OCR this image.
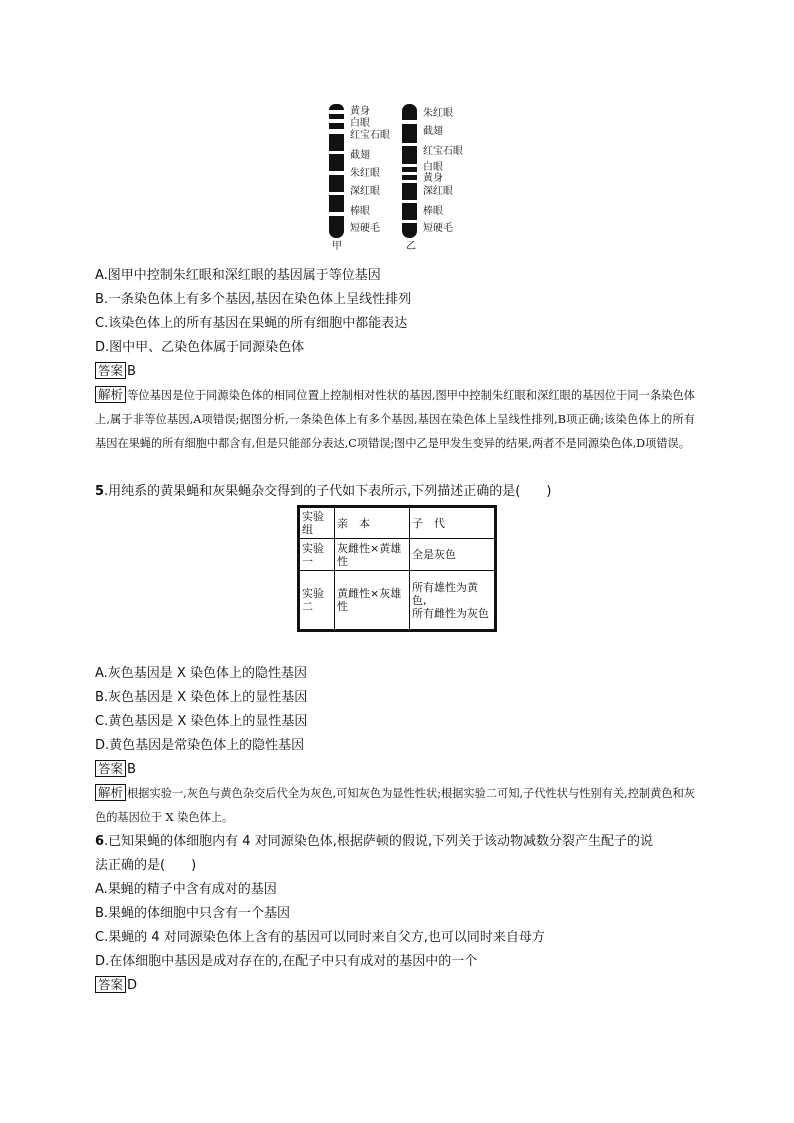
黄身
白眼
红宝石眼
截翅
朱红眼
深红眼
棒眼
短硬毛
甲
朱红眼
截翅
红宝石眼
白眼
黄身
深红眼
棒眼
短硬毛
乙
A.图甲中控制朱红眼和深红眼的基因属于等位基因
B.一条染色体上有多个基因,基因在染色体上呈线性排列
C.该染色体上的所有基因在果蝇的所有细胞中都能表达
D.图中甲、乙染色体属于同源染色体
答案 B
解析 等位基因是位于同源染色体的相同位置上控制相对性状的基因,图甲中控制朱红眼和深红眼的基因位于同一条染色体上,属于非等位基因,A项错误;据图分析,一条染色体上有多个基因,基因在染色体上呈线性排列,B项正确;该染色体上的所有基因在果蝇的所有细胞中都含有,但是只能部分表达,C项错误;图中乙是甲发生变异的结果,两者不是同源染色体,D项错误。
5.用纯系的黄果蝇和灰果蝇杂交得到的子代如下表所示,下列描述正确的是(　　)
实验组	亲　本	子　代
实验一	灰雌性×黄雄性	全是灰色
实验二	黄雌性×灰雄性	所有雄性为黄色,
所有雌性为灰色
A.灰色基因是 X 染色体上的隐性基因
B.灰色基因是 X 染色体上的显性基因
C.黄色基因是 X 染色体上的显性基因
D.黄色基因是常染色体上的隐性基因
答案 B
解析 根据实验一,灰色与黄色杂交后代全为灰色,可知灰色为显性性状;根据实验二可知,子代性状与性别有关,控制黄色和灰色的基因位于 X 染色体上。
6.已知果蝇的体细胞内有 4 对同源染色体,根据萨顿的假说,下列关于该动物减数分裂产生配子的说
法正确的是(　　)
A.果蝇的精子中含有成对的基因
B.果蝇的体细胞中只含有一个基因
C.果蝇的 4 对同源染色体上含有的基因可以同时来自父方,也可以同时来自母方
D.在体细胞中基因是成对存在的,在配子中只有成对的基因中的一个
答案 D
